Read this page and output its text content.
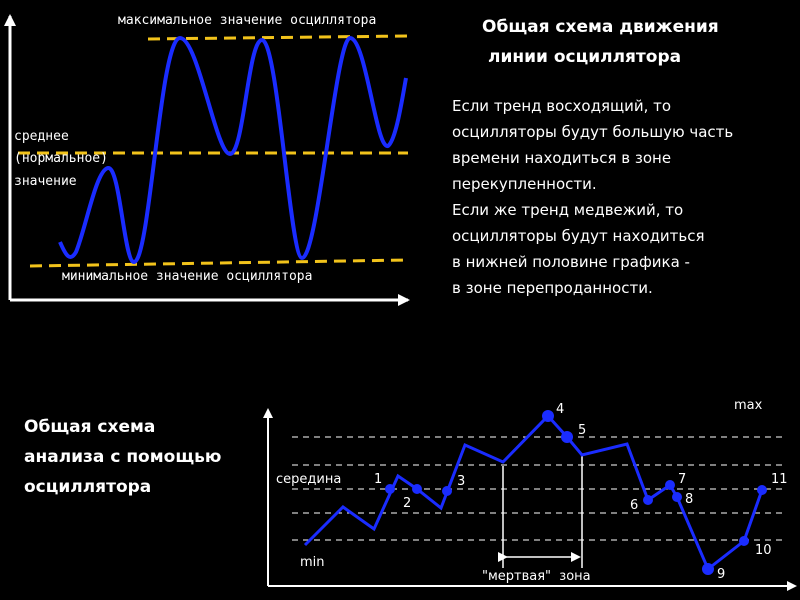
максимальное значение осциллятора
среднее
(нормальное)
значение
минимальное значение осциллятора
Общая схема движения
линии осциллятора
Если тренд восходящий, то
осцилляторы будут большую часть
времени находиться в зоне
перекупленности.
Если же тренд медвежий, то
осцилляторы будут находиться
в нижней половине графика -
в зоне перепроданности.
Общая схема
анализа с помощью
осциллятора	1
2
3
4
5
6
7
8
9
10
11
max
середина
min
"мертвая"  зона
